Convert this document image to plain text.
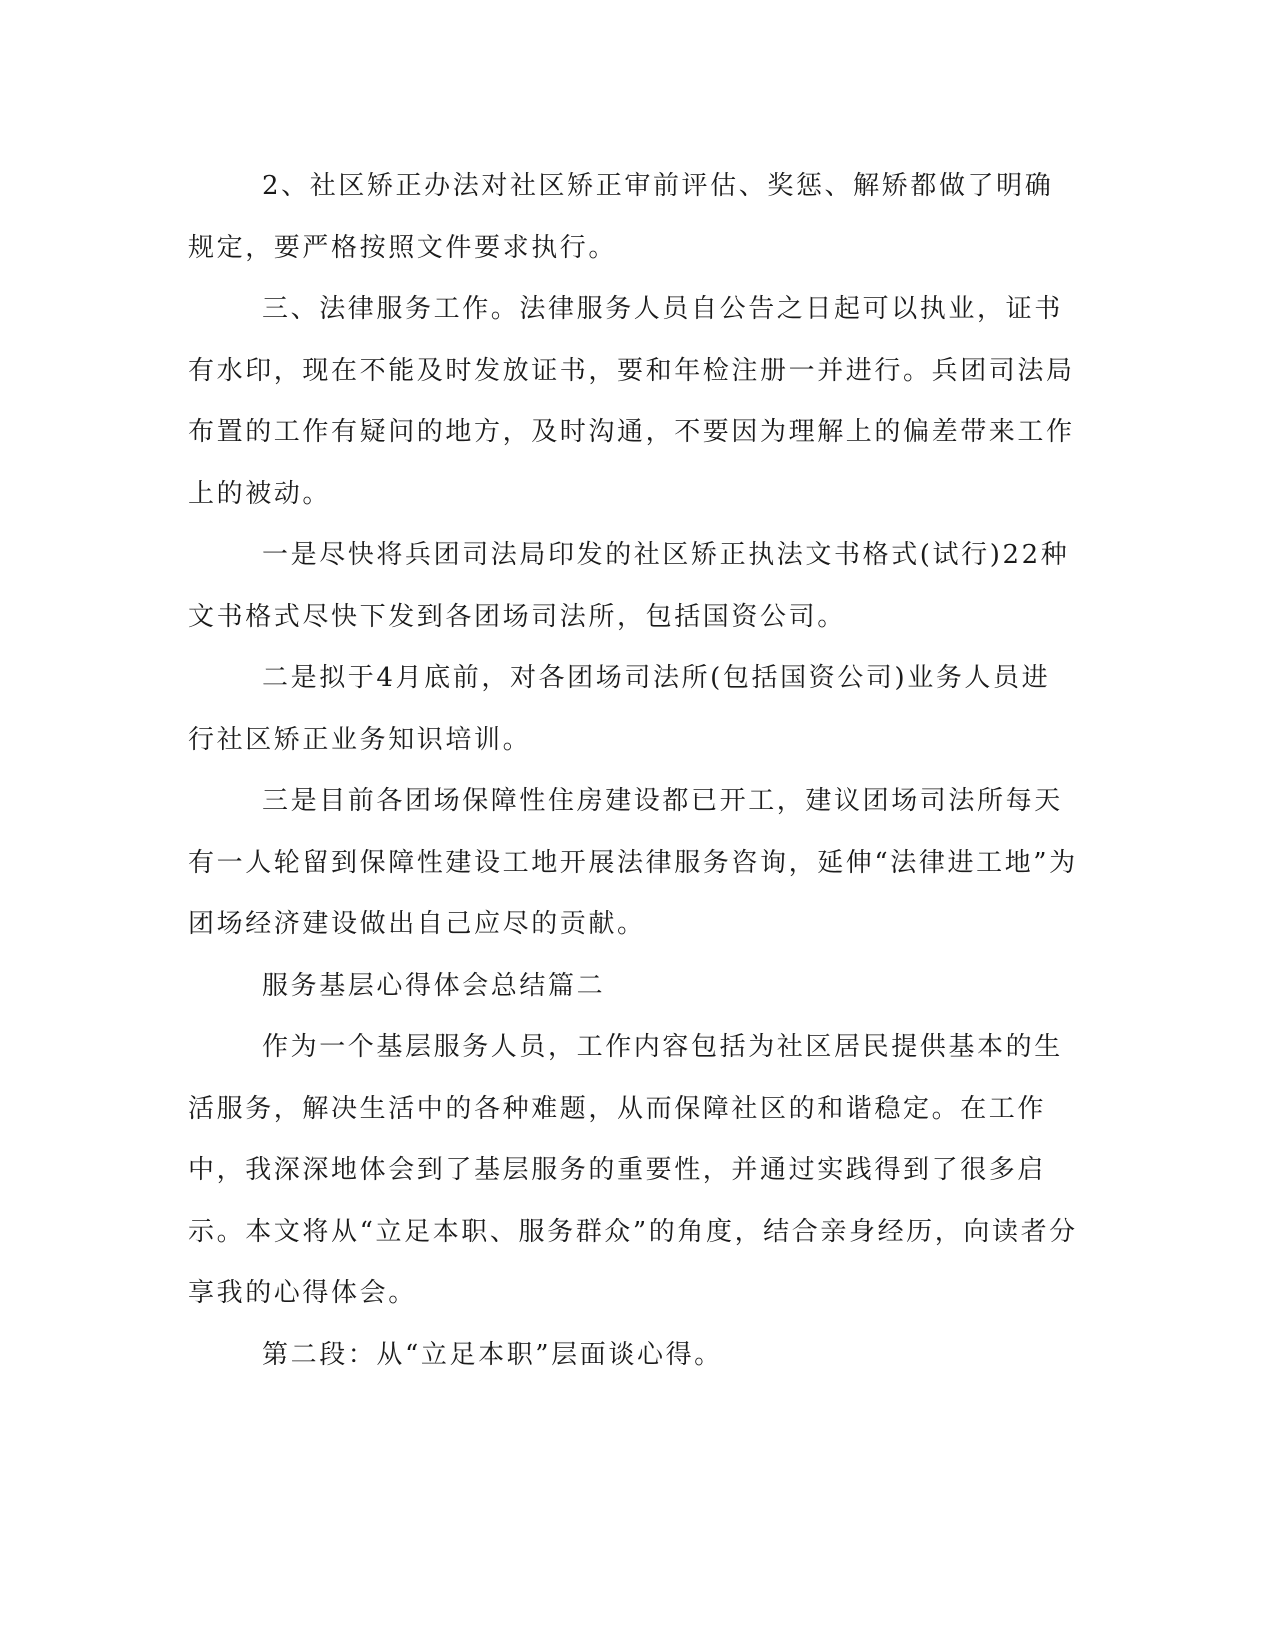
2、社区矫正办法对社区矫正审前评估、奖惩、解矫都做了明确规定，要严格按照文件要求执行。

三、法律服务工作。法律服务人员自公告之日起可以执业，证书有水印，现在不能及时发放证书，要和年检注册一并进行。兵团司法局布置的工作有疑问的地方，及时沟通，不要因为理解上的偏差带来工作上的被动。

一是尽快将兵团司法局印发的社区矫正执法文书格式(试行)22种文书格式尽快下发到各团场司法所，包括国资公司。

二是拟于4月底前，对各团场司法所(包括国资公司)业务人员进行社区矫正业务知识培训。

三是目前各团场保障性住房建设都已开工，建议团场司法所每天有一人轮留到保障性建设工地开展法律服务咨询，延伸“法律进工地”为团场经济建设做出自己应尽的贡献。

服务基层心得体会总结篇二

作为一个基层服务人员，工作内容包括为社区居民提供基本的生活服务，解决生活中的各种难题，从而保障社区的和谐稳定。在工作中，我深深地体会到了基层服务的重要性，并通过实践得到了很多启示。本文将从“立足本职、服务群众”的角度，结合亲身经历，向读者分享我的心得体会。

第二段：从“立足本职”层面谈心得。
